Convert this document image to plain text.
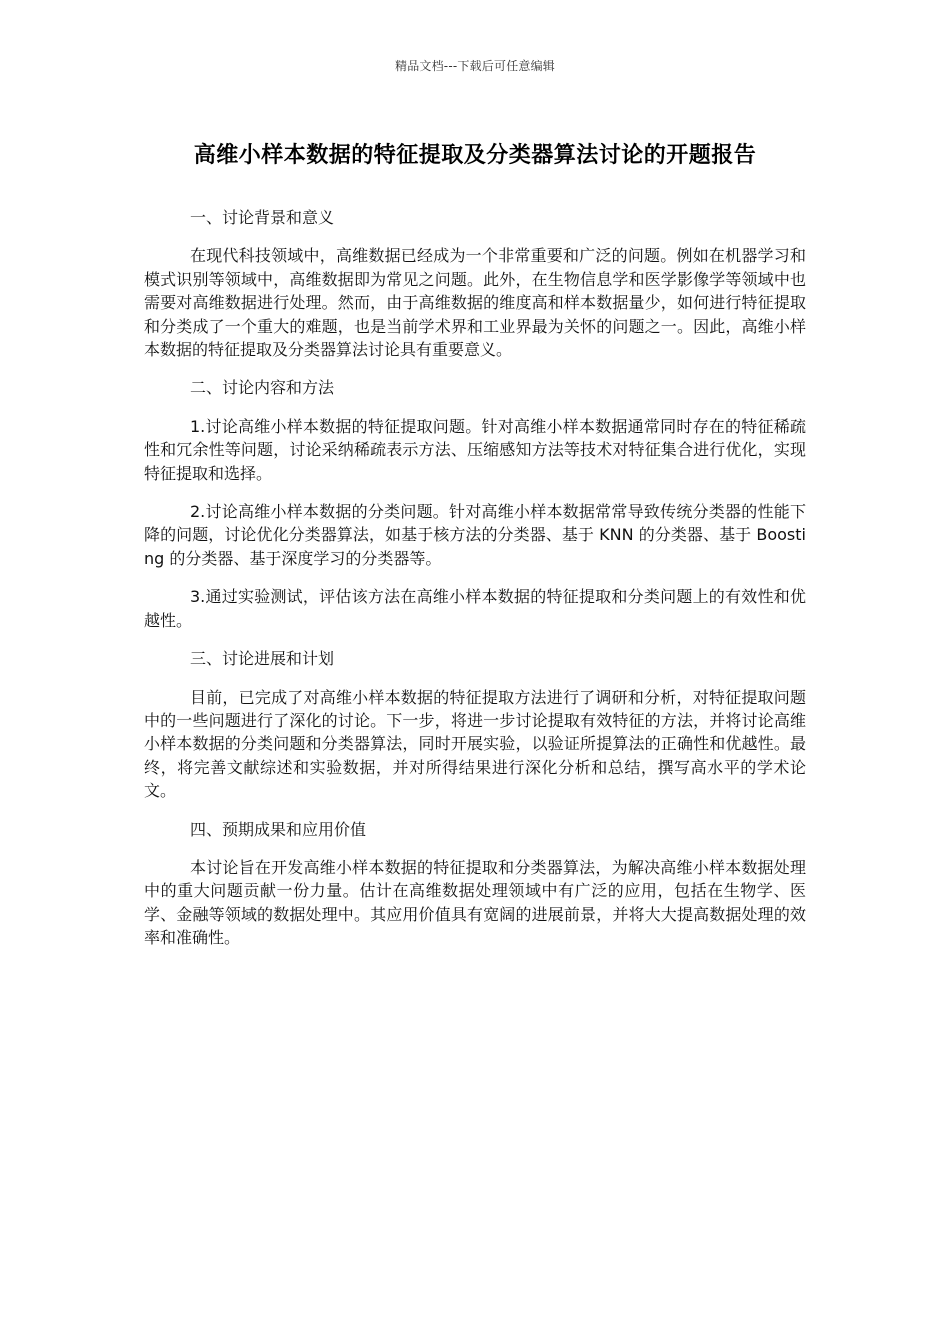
精品文档---下载后可任意编辑
高维小样本数据的特征提取及分类器算法讨论的开题报告

一、讨论背景和意义

在现代科技领域中，高维数据已经成为一个非常重要和广泛的问题。例如在机器学习和模式识别等领域中，高维数据即为常见之问题。此外，在生物信息学和医学影像学等领域中也需要对高维数据进行处理。然而，由于高维数据的维度高和样本数据量少，如何进行特征提取和分类成了一个重大的难题，也是当前学术界和工业界最为关怀的问题之一。因此，高维小样本数据的特征提取及分类器算法讨论具有重要意义。

二、讨论内容和方法

1.讨论高维小样本数据的特征提取问题。针对高维小样本数据通常同时存在的特征稀疏性和冗余性等问题，讨论采纳稀疏表示方法、压缩感知方法等技术对特征集合进行优化，实现特征提取和选择。

2.讨论高维小样本数据的分类问题。针对高维小样本数据常常导致传统分类器的性能下降的问题，讨论优化分类器算法，如基于核方法的分类器、基于 KNN 的分类器、基于 Boosting 的分类器、基于深度学习的分类器等。

3.通过实验测试，评估该方法在高维小样本数据的特征提取和分类问题上的有效性和优越性。

三、讨论进展和计划

目前，已完成了对高维小样本数据的特征提取方法进行了调研和分析，对特征提取问题中的一些问题进行了深化的讨论。下一步，将进一步讨论提取有效特征的方法，并将讨论高维小样本数据的分类问题和分类器算法，同时开展实验，以验证所提算法的正确性和优越性。最终，将完善文献综述和实验数据，并对所得结果进行深化分析和总结，撰写高水平的学术论文。

四、预期成果和应用价值

本讨论旨在开发高维小样本数据的特征提取和分类器算法，为解决高维小样本数据处理中的重大问题贡献一份力量。估计在高维数据处理领域中有广泛的应用，包括在生物学、医学、金融等领域的数据处理中。其应用价值具有宽阔的进展前景，并将大大提高数据处理的效率和准确性。
